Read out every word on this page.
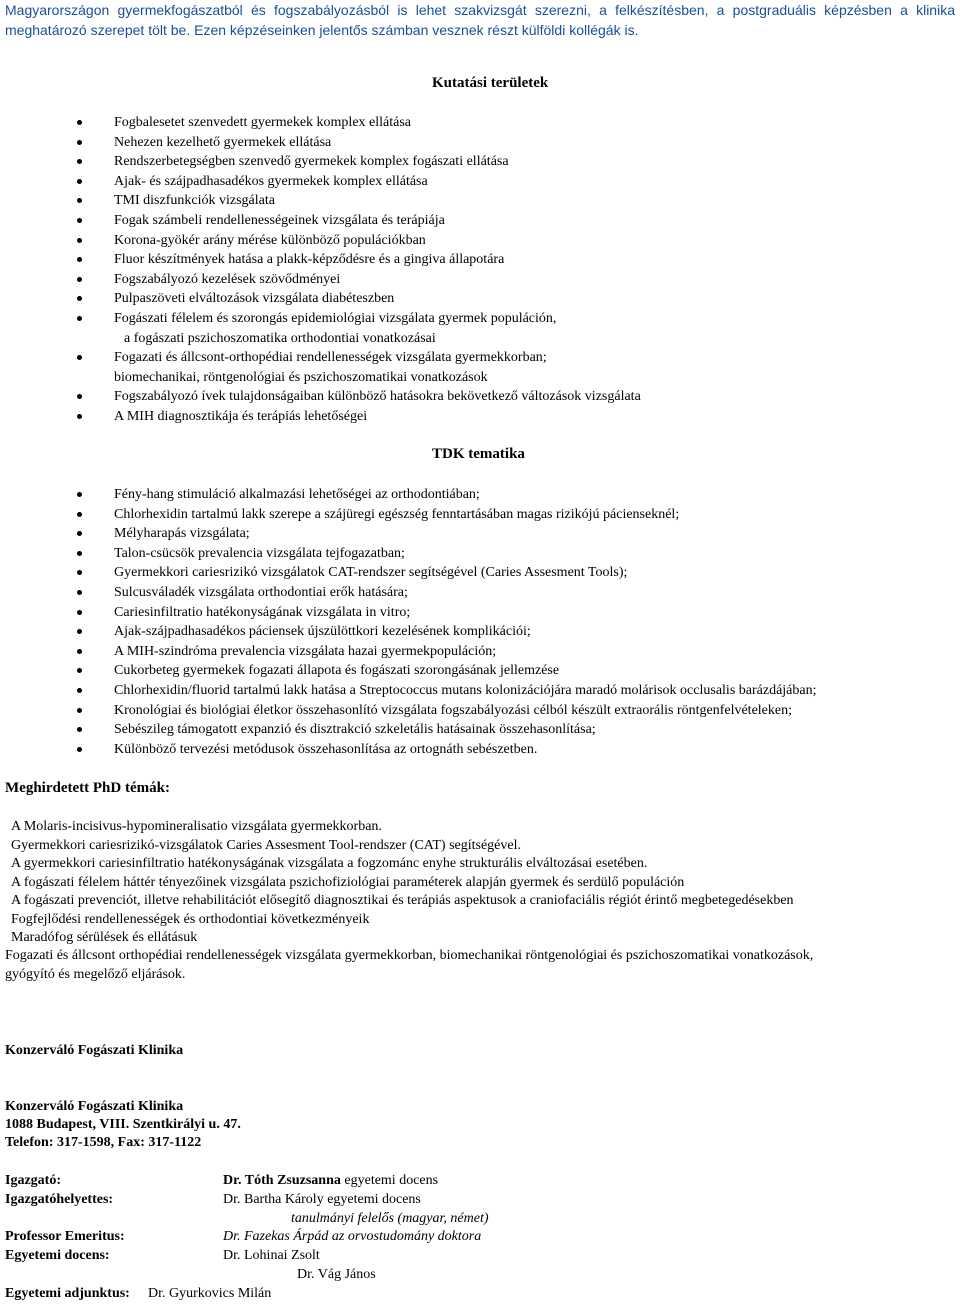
Magyarországon gyermekfogászatból és fogszabályozásból is lehet szakvizsgát szerezni, a felkészítésben, a postgraduális képzésben a klinika meghatározó szerepet tölt be. Ezen képzéseinken jelentős számban vesznek részt külföldi kollégák is.
Kutatási területek
Fogbalesetet szenvedett gyermekek komplex ellátása
Nehezen kezelhető gyermekek ellátása
Rendszerbetegségben szenvedő gyermekek komplex fogászati ellátása
Ajak- és szájpadhasadékos gyermekek komplex ellátása
TMI diszfunkciók vizsgálata
Fogak számbeli rendellenességeinek vizsgálata és terápiája
Korona-gyökér arány mérése különböző populációkban
Fluor készítmények hatása a plakk-képződésre és a gingiva állapotára
Fogszabályozó kezelések szövődményei
Pulpaszöveti elváltozások vizsgálata diabéteszben
Fogászati félelem és szorongás epidemiológiai vizsgálata gyermek populáción,
a fogászati pszichoszomatika orthodontiai vonatkozásai
Fogazati és állcsont-orthopédiai rendellenességek vizsgálata gyermekkorban;
biomechanikai, röntgenológiai és pszichoszomatikai vonatkozások
Fogszabályozó ívek tulajdonságaiban különböző hatásokra bekövetkező változások vizsgálata
A MIH diagnosztikája és terápiás lehetőségei
TDK tematika
Fény-hang stimuláció alkalmazási lehetőségei az orthodontiában;
Chlorhexidin tartalmú lakk szerepe a szájüregi egészség fenntartásában magas rizikójú pácienseknél;
Mélyharapás vizsgálata;
Talon-csücsök prevalencia vizsgálata tejfogazatban;
Gyermekkori cariesrizikó vizsgálatok CAT-rendszer segítségével (Caries Assesment Tools);
Sulcusváladék vizsgálata orthodontiai erők hatására;
Cariesinfiltratio hatékonyságának vizsgálata in vitro;
Ajak-szájpadhasadékos páciensek újszülöttkori kezelésének komplikációi;
A MIH-szindróma prevalencia vizsgálata hazai gyermekpopuláción;
Cukorbeteg gyermekek fogazati állapota és fogászati szorongásának jellemzése
Chlorhexidin/fluorid tartalmú lakk hatása a Streptococcus mutans kolonizációjára maradó molárisok occlusalis barázdájában;
Kronológiai és biológiai életkor összehasonlító vizsgálata fogszabályozási célból készült extraorális röntgenfelvételeken;
Sebészileg támogatott expanzió és disztrakció szkeletális hatásainak összehasonlítása;
Különböző tervezési metódusok összehasonlítása az ortognáth sebészetben.
Meghirdetett PhD témák:
A Molaris-incisivus-hypomineralisatio vizsgálata gyermekkorban.
Gyermekkori cariesrizikó-vizsgálatok Caries Assesment Tool-rendszer (CAT) segítségével.
A gyermekkori cariesinfiltratio hatékonyságának vizsgálata a fogzománc enyhe strukturális elváltozásai esetében.
A fogászati félelem háttér tényezőinek vizsgálata pszichofiziológiai paraméterek alapján gyermek és serdülő populáción
A fogászati prevenciót, illetve rehabilitációt elősegítő diagnosztikai és terápiás aspektusok a craniofaciális régiót érintő megbetegedésekben
Fogfejlődési rendellenességek és orthodontiai következményeik
Maradófog sérülések és ellátásuk
Fogazati és állcsont orthopédiai rendellenességek vizsgálata gyermekkorban, biomechanikai röntgenológiai és pszichoszomatikai vonatkozások,
gyógyító és megelőző eljárások.
Konzerváló Fogászati Klinika
Konzerváló Fogászati Klinika
1088 Budapest, VIII. Szentkirályi u. 47.
Telefon: 317-1598, Fax: 317-1122
Igazgató:	Dr. Tóth Zsuzsanna egyetemi docens
Igazgatóhelyettes:	Dr. Bartha Károly egyetemi docens
tanulmányi felelős (magyar, német)
Professor Emeritus:	Dr. Fazekas Árpád az orvostudomány doktora
Egyetemi docens:	Dr. Lohinai Zsolt
Dr. Vág János
Egyetemi adjunktus: Dr. Gyurkovics Milán
